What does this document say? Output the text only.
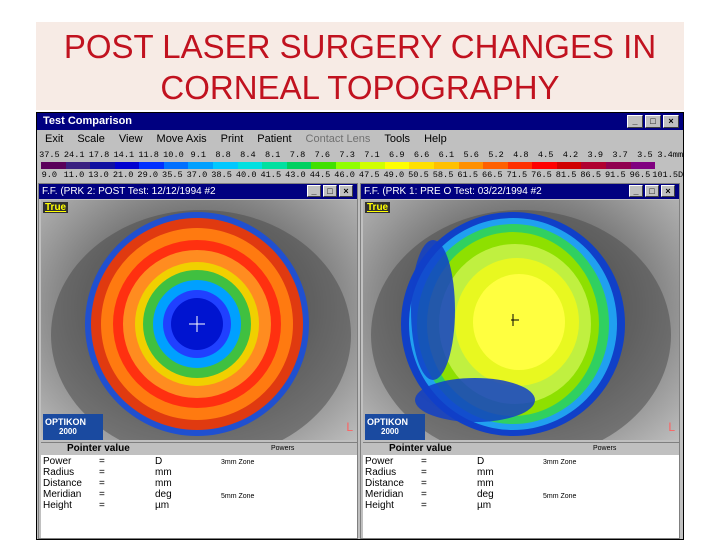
POST LASER SURGERY CHANGES IN
CORNEAL TOPOGRAPHY
Test Comparison	_	□	×
Exit Scale View Move Axis Print Patient Contact Lens Tools Help
37.5 24.1 17.8 14.1 11.8 10.0 9.1	8.8	8.4	8.1	7.8	7.6	7.3	7.1	6.9	6.6	6.1	5.6	5.2	4.8	4.5	4.2	3.9	3.7	3.5 3.4mm
9.0 11.0 13.0 21.0 29.0 35.5 37.0 38.5 40.0 41.5 43.0 44.5 46.0 47.5 49.0 50.5 58.5 61.5 66.5 71.5 76.5 81.5 86.5 91.5 96.5 101.5D
F.F. (PRK 2: POST Test: 12/12/1994 #2	_	□	×
True
OPTIKON
2000	L
Pointer value	Powers
Power	=	D
Radius	=	mm
Distance	=	mm
Meridian	=	deg
Height	=	µm
3mm Zone
5mm Zone
F.F. (PRK 1: PRE O Test: 03/22/1994 #2	_	□	×
True
OPTIKON
2000	L
Pointer value	Powers
Power	=	D
Radius	=	mm
Distance	=	mm
Meridian	=	deg
Height	=	µm
3mm Zone
5mm Zone
